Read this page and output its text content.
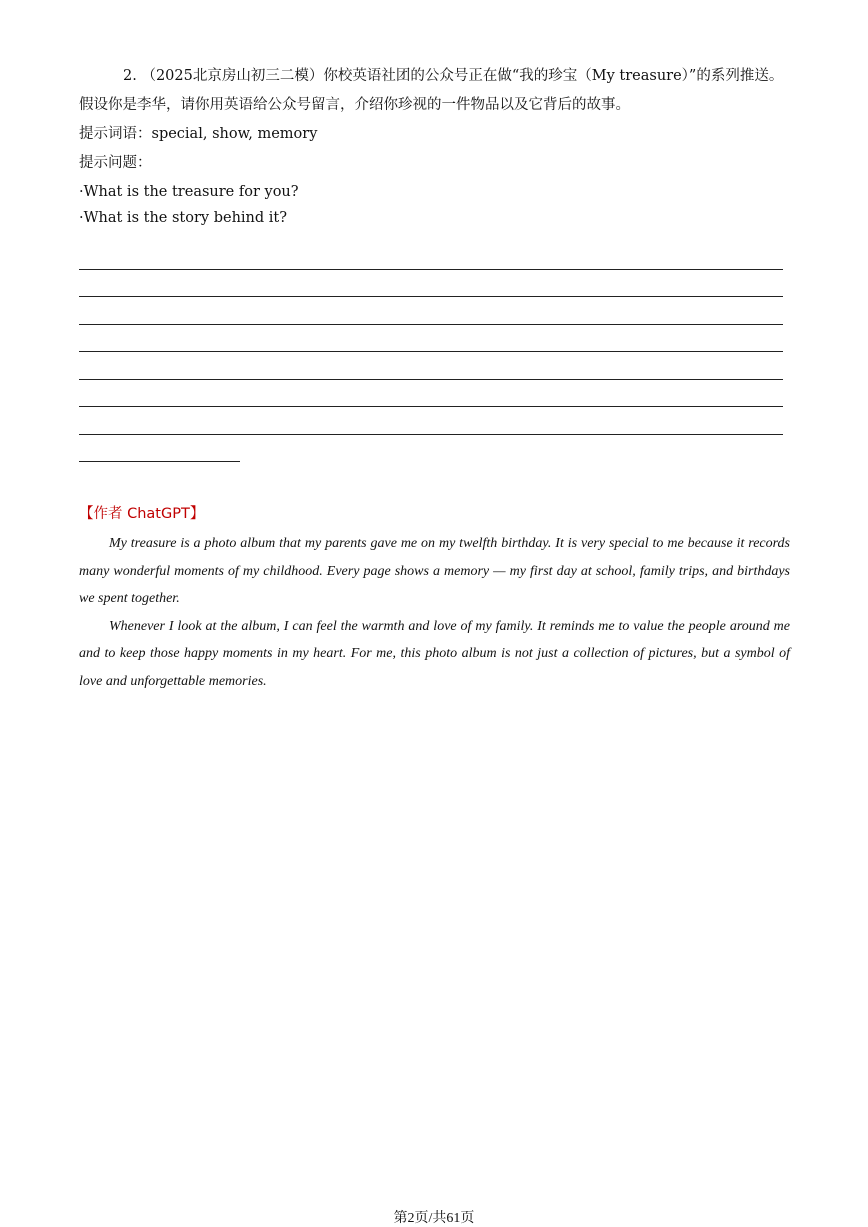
2. （2025北京房山初三二模）你校英语社团的公众号正在做“我的珍宝（My treasure）”的系列推送。
假设你是李华，请你用英语给公众号留言，介绍你珍视的一件物品以及它背后的故事。
提示词语：special, show, memory
提示问题：
·What is the treasure for you?
·What is the story behind it?
【作者 ChatGPT】

My treasure is a photo album that my parents gave me on my twelfth birthday. It is very special to me because it records many wonderful moments of my childhood. Every page shows a memory — my first day at school, family trips, and birthdays we spent together.

Whenever I look at the album, I can feel the warmth and love of my family. It reminds me to value the people around me and to keep those happy moments in my heart. For me, this photo album is not just a collection of pictures, but a symbol of love and unforgettable memories.

第2页/共61页
